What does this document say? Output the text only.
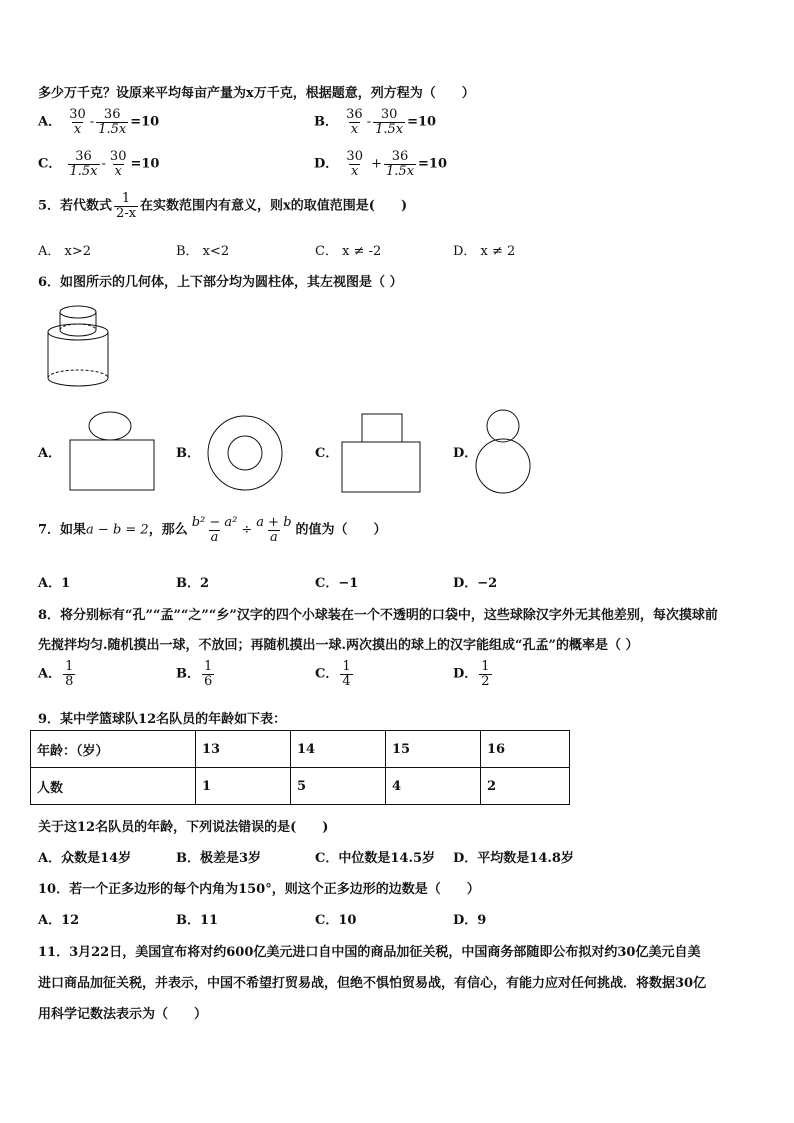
多少万千克？设原来平均每亩产量为x万千克，根据题意，列方程为（　　）
A． $\frac{30}{x} - \frac{36}{1.5x} =10$	B． $\frac{36}{x} - \frac{30}{1.5x} =10$
C． $\frac{36}{1.5x} - \frac{30}{x} =10$	D． $\frac{30}{x} + \frac{36}{1.5x} =10$
5．若代数式 $\frac{1}{2-x}$ 在实数范围内有意义，则x的取值范围是(　　)
A． x>2	B． x<2	C． x ≠ -2	D． x ≠ 2
6．如图所示的几何体，上下部分均为圆柱体，其左视图是（ ）
A．	B．	C．	D．
7．如果a − b = 2，那么 $\frac{\text{b² − a²}}{a} \div \frac{a + b}{a}$ 的值为（　　）
A．1	B．2	C．−1	D．−2
8．将分别标有“孔”“孟”“之”“乡”汉字的四个小球装在一个不透明的口袋中，这些球除汉字外无其他差别，每次摸球前
先搅拌均匀.随机摸出一球，不放回；再随机摸出一球.两次摸出的球上的汉字能组成“孔孟”的概率是（ ）
A． $\frac{1}{8}$	B． $\frac{1}{6}$	C． $\frac{1}{4}$	D． $\frac{1}{2}$
9．某中学篮球队12名队员的年龄如下表：
年龄：（岁）	13	14	15	16
人数	1	5	4	2
关于这12名队员的年龄，下列说法错误的是(　　)
A．众数是14岁	B．极差是3岁	C．中位数是14.5岁 D．平均数是14.8岁
10．若一个正多边形的每个内角为150°，则这个正多边形的边数是（　　）
A．12	B．11	C．10	D．9
11．3月22日，美国宣布将对约600亿美元进口自中国的商品加征关税，中国商务部随即公布拟对约30亿美元自美
进口商品加征关税，并表示，中国不希望打贸易战，但绝不惧怕贸易战，有信心，有能力应对任何挑战．将数据30亿
用科学记数法表示为（　　）
